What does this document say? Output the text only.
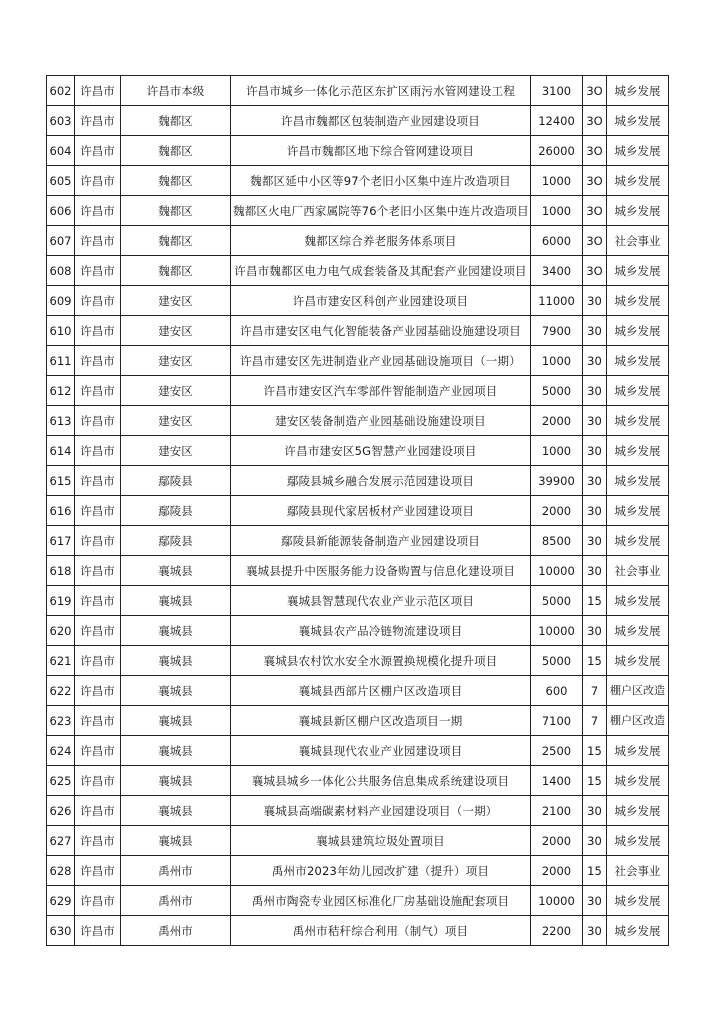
602	许昌市	许昌市本级	许昌市城乡一体化示范区东扩区雨污水管网建设工程	3100	3O	城乡发展
603	许昌市	魏都区	许昌市魏都区包装制造产业园建设项目	12400	3O	城乡发展
604	许昌市	魏都区	许昌市魏都区地下综合管网建设项目	26000	3O	城乡发展
605	许昌市	魏都区	魏都区延中小区等97个老旧小区集中连片改造项目	1000	3O	城乡发展
606	许昌市	魏都区	魏都区火电厂西家属院等76个老旧小区集中连片改造项目	1000	3O	城乡发展
607	许昌市	魏都区	魏都区综合养老服务体系项目	6000	3O	社会事业
608	许昌市	魏都区	许昌市魏都区电力电气成套装备及其配套产业园建设项目	3400	3O	城乡发展
609	许昌市	建安区	许昌市建安区科创产业园建设项目	11000	30	城乡发展
610	许昌市	建安区	许昌市建安区电气化智能装备产业园基础设施建设项目	7900	30	城乡发展
611	许昌市	建安区	许昌市建安区先进制造业产业园基础设施项目（一期）	1000	30	城乡发展
612	许昌市	建安区	许昌市建安区汽车零部件智能制造产业园项目	5000	30	城乡发展
613	许昌市	建安区	建安区装备制造产业园基础设施建设项目	2000	30	城乡发展
614	许昌市	建安区	许昌市建安区5G智慧产业园建设项目	1000	30	城乡发展
615	许昌市	鄢陵县	鄢陵县城乡融合发展示范园建设项目	39900	30	城乡发展
616	许昌市	鄢陵县	鄢陵县现代家居板材产业园建设项目	2000	30	城乡发展
617	许昌市	鄢陵县	鄢陵县新能源装备制造产业园建设项目	8500	30	城乡发展
618	许昌市	襄城县	襄城县提升中医服务能力设备购置与信息化建设项目	10000	30	社会事业
619	许昌市	襄城县	襄城县智慧现代农业产业示范区项目	5000	15	城乡发展
620	许昌市	襄城县	襄城县农产品冷链物流建设项目	10000	30	城乡发展
621	许昌市	襄城县	襄城县农村饮水安全水源置换规模化提升项目	5000	15	城乡发展
622	许昌市	襄城县	襄城县西部片区棚户区改造项目	600	7	棚户区改造
623	许昌市	襄城县	襄城县新区棚户区改造项目一期	7100	7	棚户区改造
624	许昌市	襄城县	襄城县现代农业产业园建设项目	2500	15	城乡发展
625	许昌市	襄城县	襄城县城乡一体化公共服务信息集成系统建设项目	1400	15	城乡发展
626	许昌市	襄城县	襄城县高端碳素材料产业园建设项目（一期）	2100	30	城乡发展
627	许昌市	襄城县	襄城县建筑垃圾处置项目	2000	30	城乡发展
628	许昌市	禹州市	禹州市2023年幼儿园改扩建（提升）项目	2000	15	社会事业
629	许昌市	禹州市	禹州市陶瓷专业园区标准化厂房基础设施配套项目	10000	30	城乡发展
630	许昌市	禹州市	禹州市秸秆综合利用（制气）项目	2200	30	城乡发展
